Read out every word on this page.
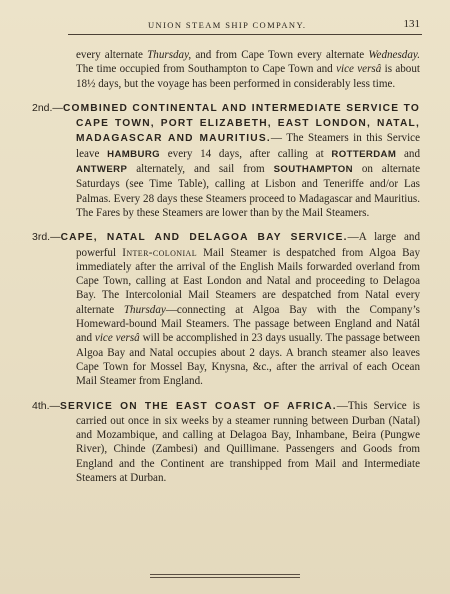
UNION STEAM SHIP COMPANY.	131

every alternate Thursday, and from Cape Town every alternate Wednesday. The time occupied from Southampton to Cape Town and vice versâ is about 18½ days, but the voyage has been performed in considerably less time.

2nd.—COMBINED CONTINENTAL AND INTERMEDIATE SERVICE TO CAPE TOWN, PORT ELIZABETH, EAST LONDON, NATAL, MADAGASCAR AND MAURITIUS.— The Steamers in this Service leave HAMBURG every 14 days, after calling at ROTTERDAM and ANTWERP alternately, and sail from SOUTHAMPTON on alternate Saturdays (see Time Table), calling at Lisbon and Teneriffe and/or Las Palmas. Every 28 days these Steamers proceed to Madagascar and Mauritius. The Fares by these Steamers are lower than by the Mail Steamers.

3rd.—CAPE, NATAL AND DELAGOA BAY SERVICE.—A large and powerful Inter-colonial Mail Steamer is despatched from Algoa Bay immediately after the arrival of the English Mails forwarded overland from Cape Town, calling at East London and Natal and proceeding to Delagoa Bay. The Intercolonial Mail Steamers are despatched from Natal every alternate Thursday—connecting at Algoa Bay with the Company’s Homeward-bound Mail Steamers. The passage between England and Natál and vice versâ will be accomplished in 23 days usually. The passage between Algoa Bay and Natal occupies about 2 days. A branch steamer also leaves Cape Town for Mossel Bay, Knysna, &c., after the arrival of each Ocean Mail Steamer from England.

4th.—SERVICE ON THE EAST COAST OF AFRICA.—This Service is carried out once in six weeks by a steamer running between Durban (Natal) and Mozambique, and calling at Delagoa Bay, Inhambane, Beira (Pungwe River), Chinde (Zambesi) and Quillimane. Passengers and Goods from England and the Continent are transhipped from Mail and Intermediate Steamers at Durban.
